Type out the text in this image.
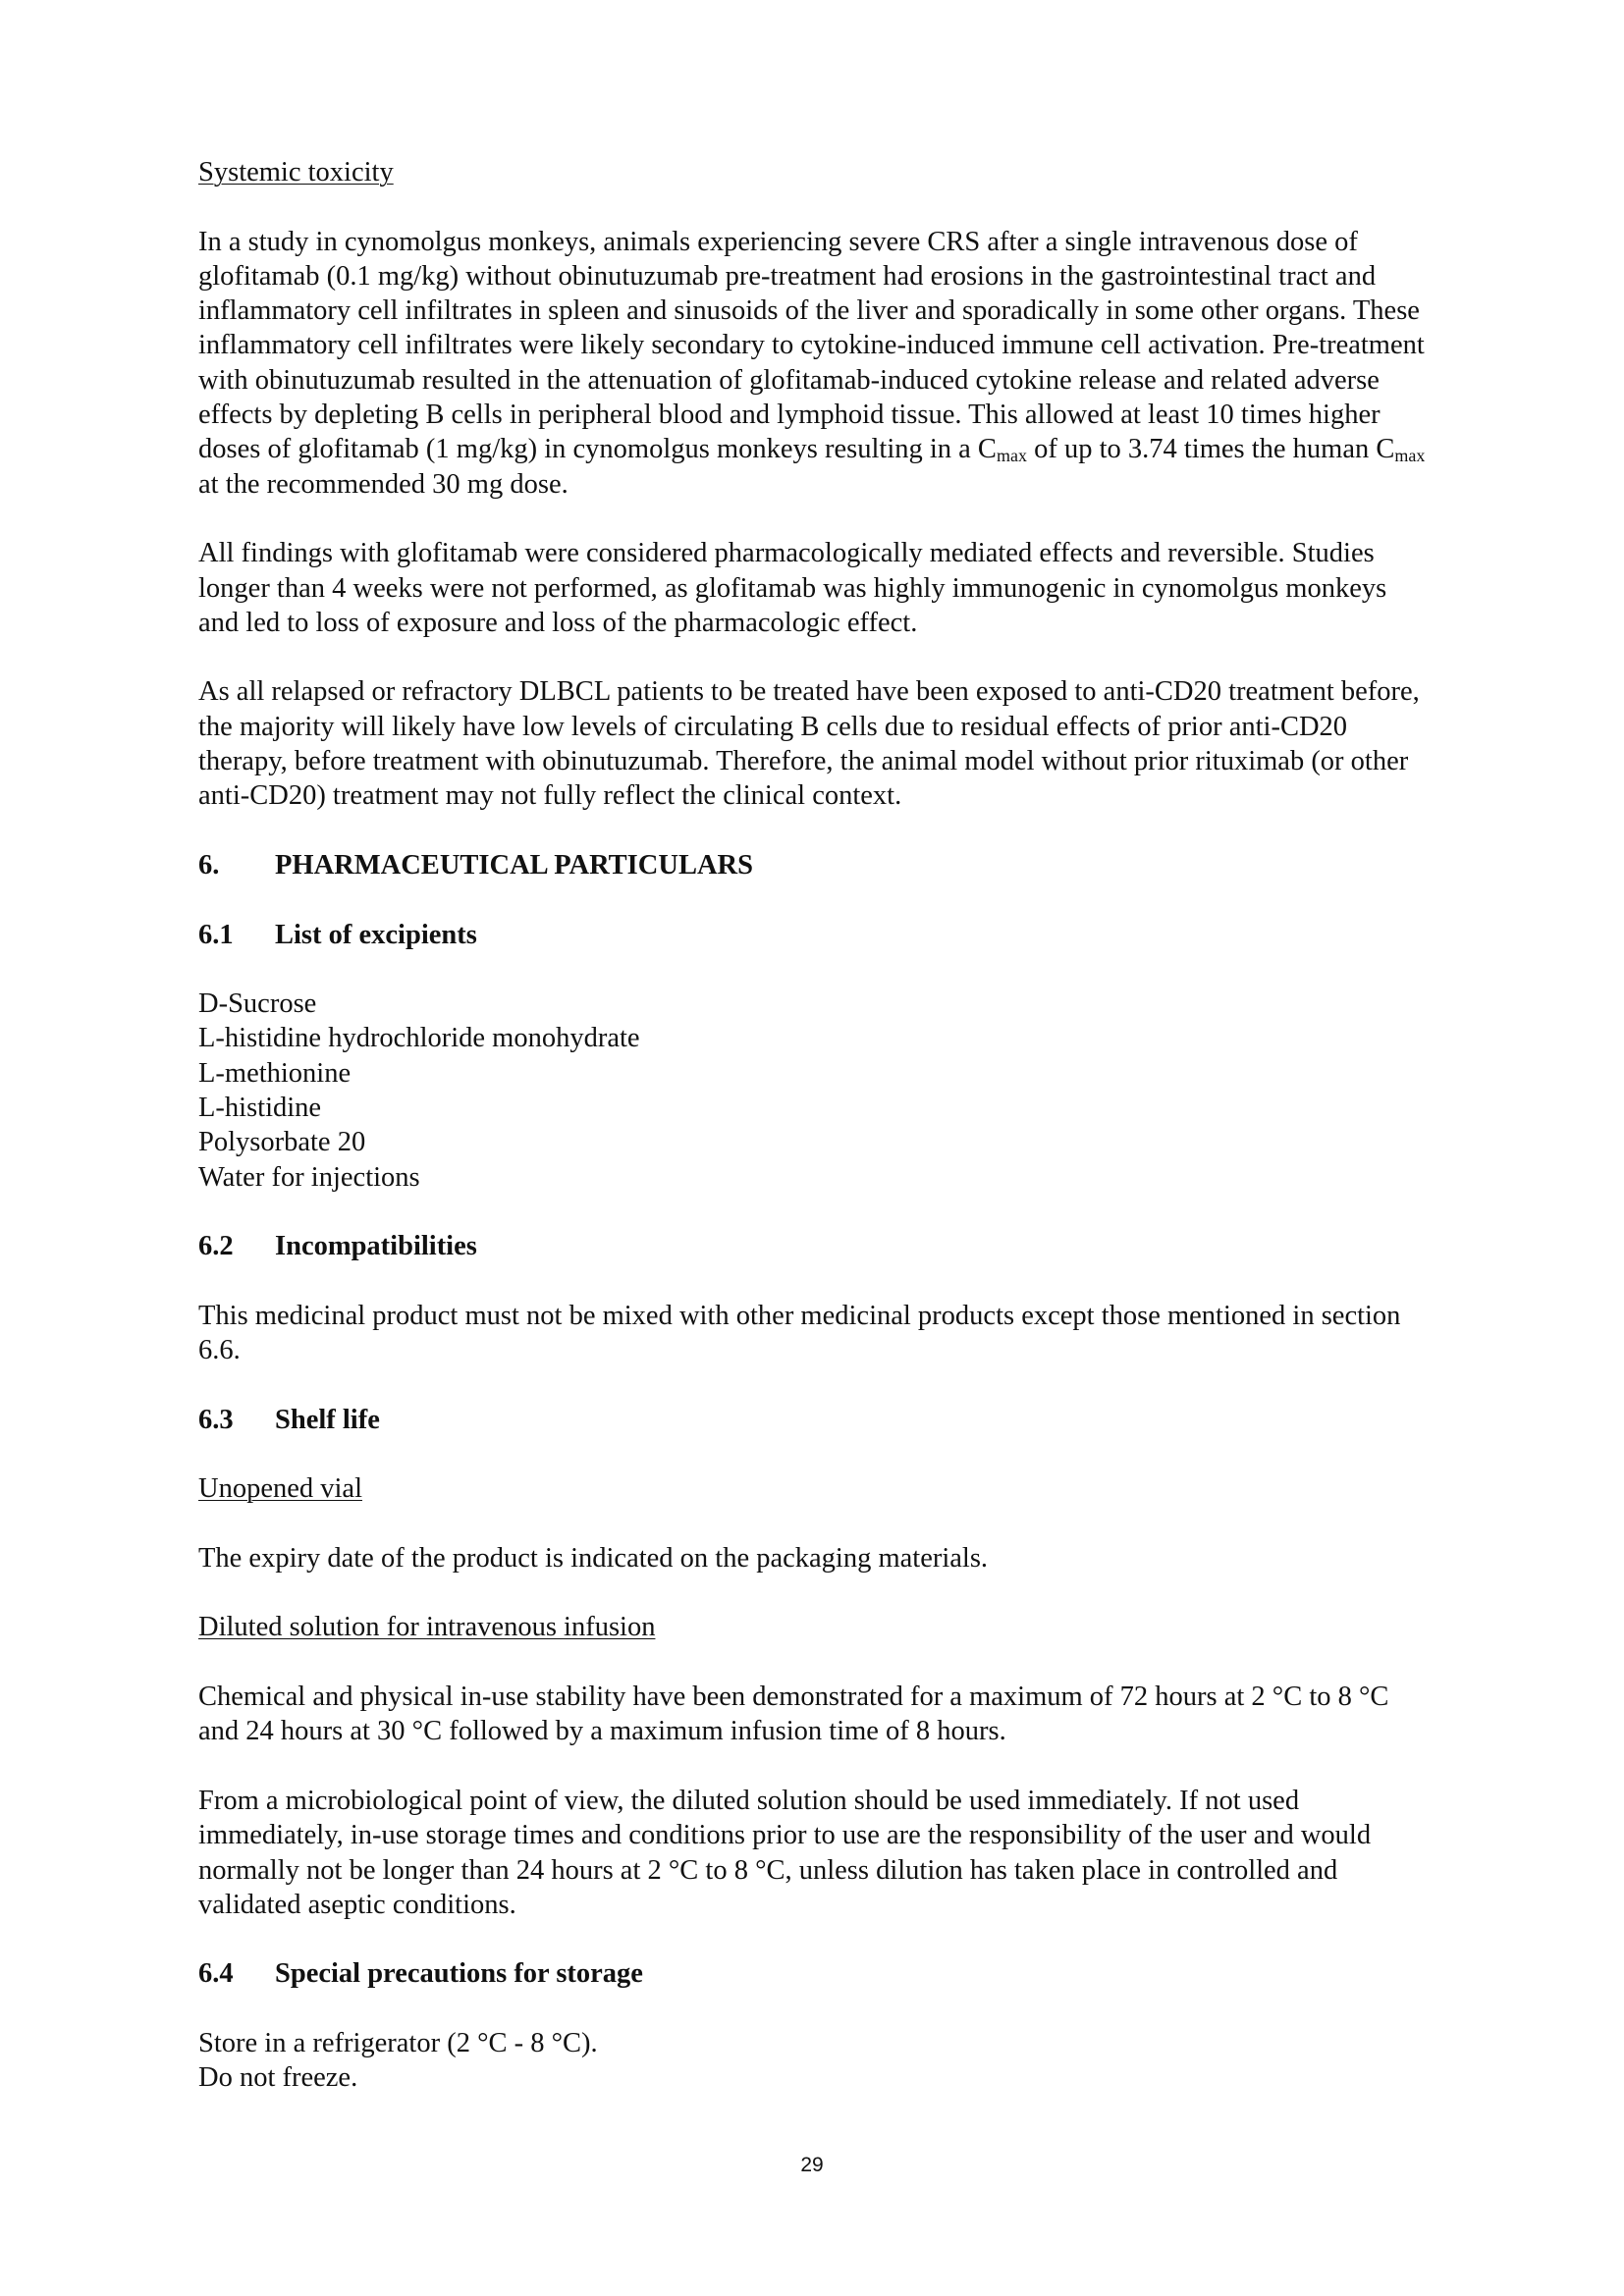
Systemic toxicity

In a study in cynomolgus monkeys, animals experiencing severe CRS after a single intravenous dose of glofitamab (0.1 mg/kg) without obinutuzumab pre-treatment had erosions in the gastrointestinal tract and inflammatory cell infiltrates in spleen and sinusoids of the liver and sporadically in some other organs. These inflammatory cell infiltrates were likely secondary to cytokine-induced immune cell activation. Pre-treatment with obinutuzumab resulted in the attenuation of glofitamab-induced cytokine release and related adverse effects by depleting B cells in peripheral blood and lymphoid tissue. This allowed at least 10 times higher doses of glofitamab (1 mg/kg) in cynomolgus monkeys resulting in a $C_{max}$ of up to 3.74 times the human $C_{max}$ at the recommended 30 mg dose.

All findings with glofitamab were considered pharmacologically mediated effects and reversible. Studies longer than 4 weeks were not performed, as glofitamab was highly immunogenic in cynomolgus monkeys and led to loss of exposure and loss of the pharmacologic effect.

As all relapsed or refractory DLBCL patients to be treated have been exposed to anti-CD20 treatment before, the majority will likely have low levels of circulating B cells due to residual effects of prior anti-CD20 therapy, before treatment with obinutuzumab. Therefore, the animal model without prior rituximab (or other anti-CD20) treatment may not fully reflect the clinical context.

6. PHARMACEUTICAL PARTICULARS

6.1 List of excipients

D-Sucrose

L-histidine hydrochloride monohydrate

L-methionine

L-histidine

Polysorbate 20

Water for injections

6.2 Incompatibilities

This medicinal product must not be mixed with other medicinal products except those mentioned in section 6.6.

6.3 Shelf life

Unopened vial

The expiry date of the product is indicated on the packaging materials.

Diluted solution for intravenous infusion

Chemical and physical in-use stability have been demonstrated for a maximum of 72 hours at 2 °C to 8 °C and 24 hours at 30 °C followed by a maximum infusion time of 8 hours.

From a microbiological point of view, the diluted solution should be used immediately. If not used immediately, in-use storage times and conditions prior to use are the responsibility of the user and would normally not be longer than 24 hours at 2 °C to 8 °C, unless dilution has taken place in controlled and validated aseptic conditions.

6.4 Special precautions for storage

Store in a refrigerator (2 °C - 8 °C).

Do not freeze.

29
